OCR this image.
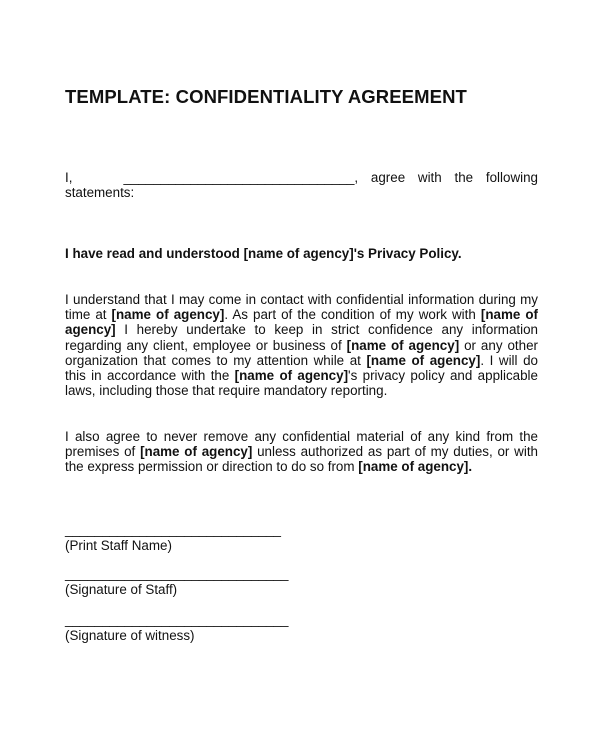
TEMPLATE: CONFIDENTIALITY AGREEMENT
I,	_______________________________, agree with the following statements:
I have read and understood [name of agency]'s Privacy Policy.
I understand that I may come in contact with confidential information during my time at [name of agency]. As part of the condition of my work with [name of agency] I hereby undertake to keep in strict confidence any information regarding any client, employee or business of [name of agency] or any other organization that comes to my attention while at [name of agency]. I will do this in accordance with the [name of agency]'s privacy policy and applicable laws, including those that require mandatory reporting.
I also agree to never remove any confidential material of any kind from the premises of [name of agency] unless authorized as part of my duties, or with the express permission or direction to do so from [name of agency].
_____________________________
(Print Staff Name)
______________________________
(Signature of Staff)
______________________________
(Signature of witness)
